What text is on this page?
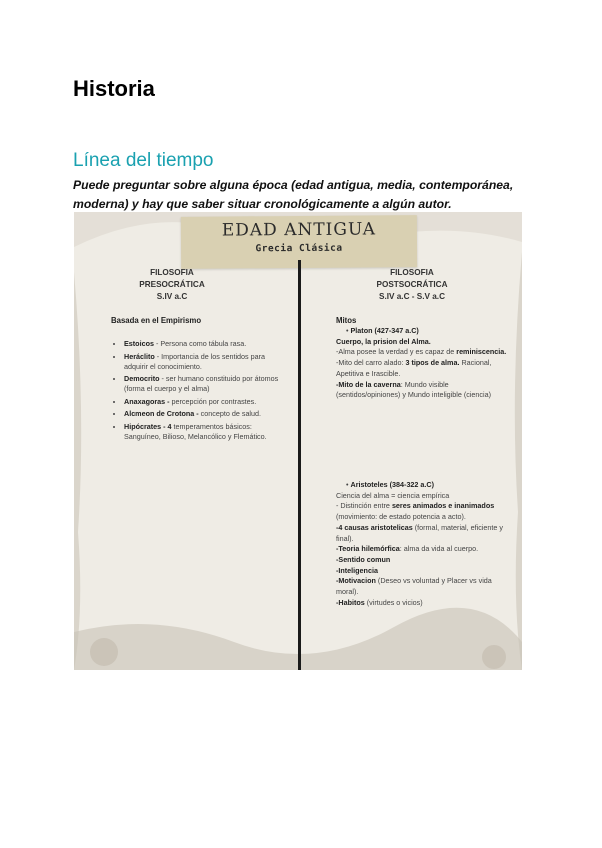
Historia
Línea del tiempo

Puede preguntar sobre alguna época (edad antigua, media, contemporánea, moderna) y hay que saber situar cronológicamente a algún autor.

EDAD ANTIGUA
Grecia Clásica
FILOSOFIA
PRESOCRÁTICA
S.IV a.C
Basada en el Empirismo
• Estoicos - Persona como tábula rasa.
• Heráclito - Importancia de los sentidos para adquirir el conocimiento.
• Democrito - ser humano constituido por átomos (forma el cuerpo y el alma)
• Anaxagoras - percepción por contrastes.
• Alcmeon de Crotona - concepto de salud.
• Hipócrates - 4 temperamentos básicos: Sanguíneo, Bilioso, Melancólico y Flemático.
FILOSOFIA
POSTSOCRÁTICA
S.IV a.C - S.V a.C
Mitos

• Platon (427-347 a.C)

Cuerpo, la prision del Alma.

-Alma posee la verdad y es capaz de reminiscencia.

-Mito del carro alado: 3 tipos de alma. Racional, Apetitiva e Irascible.

-Mito de la caverna: Mundo visible (sentidos/opiniones) y Mundo inteligible (ciencia)

• Aristoteles (384-322 a.C)

Ciencia del alma = ciencia empírica

- Distinción entre seres animados e inanimados (movimiento: de estado potencia a acto).

-4 causas aristotelicas (formal, material, eficiente y final).

-Teoria hilemórfica: alma da vida al cuerpo.

-Sentido comun

-Inteligencia

-Motivacion (Deseo vs voluntad y Placer vs vida moral).

-Habitos (virtudes o vicios)
